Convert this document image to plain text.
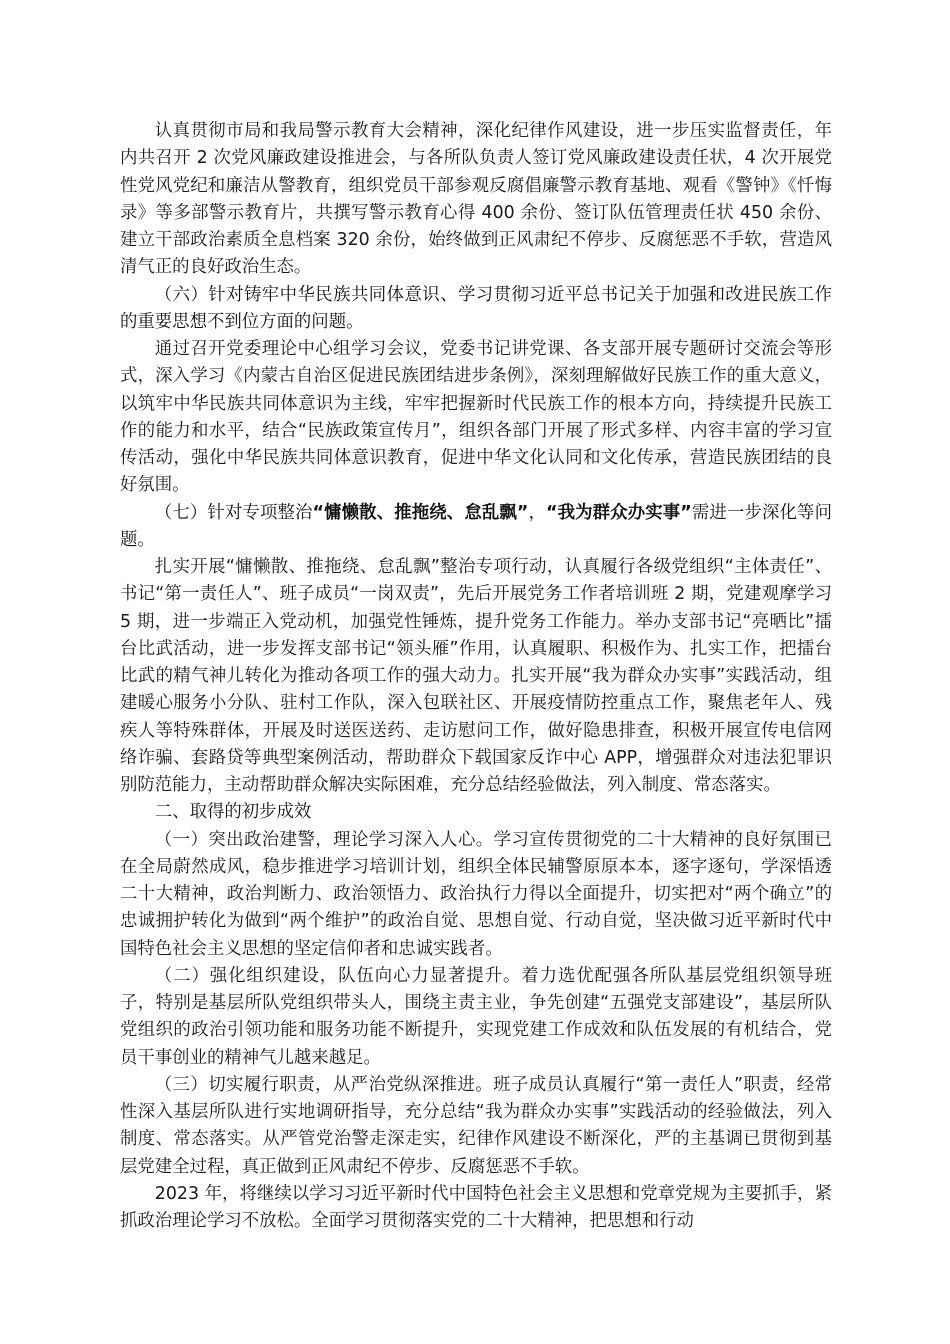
认真贯彻市局和我局警示教育大会精神，深化纪律作风建设，进一步压实监督责任，年内共召开 2 次党风廉政建设推进会，与各所队负责人签订党风廉政建设责任状，4 次开展党性党风党纪和廉洁从警教育，组织党员干部参观反腐倡廉警示教育基地、观看《警钟》《忏悔录》等多部警示教育片，共撰写警示教育心得 400 余份、签订队伍管理责任状 450 余份、建立干部政治素质全息档案 320 余份，始终做到正风肃纪不停步、反腐惩恶不手软，营造风清气正的良好政治生态。

（六）针对铸牢中华民族共同体意识、学习贯彻习近平总书记关于加强和改进民族工作的重要思想不到位方面的问题。

通过召开党委理论中心组学习会议，党委书记讲党课、各支部开展专题研讨交流会等形式，深入学习《内蒙古自治区促进民族团结进步条例》，深刻理解做好民族工作的重大意义，以筑牢中华民族共同体意识为主线，牢牢把握新时代民族工作的根本方向，持续提升民族工作的能力和水平，结合“民族政策宣传月”，组织各部门开展了形式多样、内容丰富的学习宣传活动，强化中华民族共同体意识教育，促进中华文化认同和文化传承，营造民族团结的良好氛围。

（七）针对专项整治“慵懒散、推拖绕、怠乱飘”，“我为群众办实事”需进一步深化等问题。

扎实开展“慵懒散、推拖绕、怠乱飘”整治专项行动，认真履行各级党组织“主体责任”、书记“第一责任人”、班子成员“一岗双责”，先后开展党务工作者培训班 2 期，党建观摩学习 5 期，进一步端正入党动机，加强党性锤炼，提升党务工作能力。举办支部书记“亮晒比”擂台比武活动，进一步发挥支部书记“领头雁”作用，认真履职、积极作为、扎实工作，把擂台比武的精气神儿转化为推动各项工作的强大动力。扎实开展“我为群众办实事”实践活动，组建暖心服务小分队、驻村工作队，深入包联社区、开展疫情防控重点工作，聚焦老年人、残疾人等特殊群体，开展及时送医送药、走访慰问工作，做好隐患排查，积极开展宣传电信网络诈骗、套路贷等典型案例活动，帮助群众下载国家反诈中心 APP，增强群众对违法犯罪识别防范能力，主动帮助群众解决实际困难，充分总结经验做法，列入制度、常态落实。

二、取得的初步成效

（一）突出政治建警，理论学习深入人心。学习宣传贯彻党的二十大精神的良好氛围已在全局蔚然成风，稳步推进学习培训计划，组织全体民辅警原原本本，逐字逐句，学深悟透二十大精神，政治判断力、政治领悟力、政治执行力得以全面提升，切实把对“两个确立”的忠诚拥护转化为做到“两个维护”的政治自觉、思想自觉、行动自觉，坚决做习近平新时代中国特色社会主义思想的坚定信仰者和忠诚实践者。

（二）强化组织建设，队伍向心力显著提升。着力选优配强各所队基层党组织领导班子，特别是基层所队党组织带头人，围绕主责主业，争先创建“五强党支部建设”，基层所队党组织的政治引领功能和服务功能不断提升，实现党建工作成效和队伍发展的有机结合，党员干事创业的精神气儿越来越足。

（三）切实履行职责，从严治党纵深推进。班子成员认真履行“第一责任人”职责，经常性深入基层所队进行实地调研指导，充分总结“我为群众办实事”实践活动的经验做法，列入制度、常态落实。从严管党治警走深走实，纪律作风建设不断深化，严的主基调已贯彻到基层党建全过程，真正做到正风肃纪不停步、反腐惩恶不手软。

2023 年，将继续以学习习近平新时代中国特色社会主义思想和党章党规为主要抓手，紧抓政治理论学习不放松。全面学习贯彻落实党的二十大精神，把思想和行动
